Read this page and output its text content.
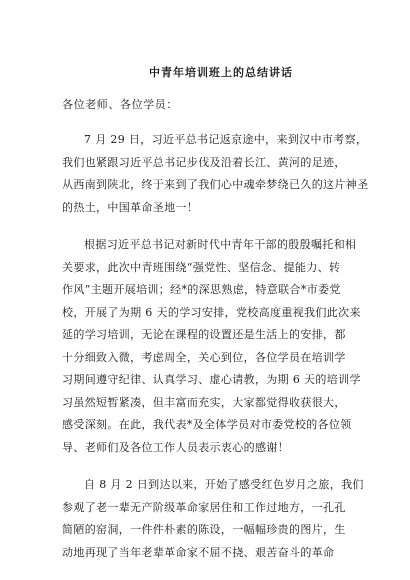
中青年培训班上的总结讲话
各位老师、各位学员：
7 月 29 日，习近平总书记返京途中，来到汉中市考察，
我们也紧跟习近平总书记步伐及沿着长江、黄河的足迹，
从西南到陕北，终于来到了我们心中魂牵梦绕已久的这片神圣
的热土，中国革命圣地一！
根据习近平总书记对新时代中青年干部的殷殷嘱托和相
关要求，此次中青班围绕“强党性、坚信念、提能力、转
作风”主题开展培训；经*的深思熟虑，特意联合*市委党
校，开展了为期 6 天的学习安排，党校高度重视我们此次来
延的学习培训，无论在课程的设置还是生活上的安排，都
十分细致入微，考虑周全，关心到位，各位学员在培训学
习期间遵守纪律、认真学习、虚心请教，为期 6 天的培训学
习虽然短暂紧凑，但丰富而充实，大家都觉得收获很大，
感受深刻。在此，我代表*及全体学员对市委党校的各位领
导、老师们及各位工作人员表示衷心的感谢！
自 8 月 2 日到达以来，开始了感受红色岁月之旅，我们
参观了老一辈无产阶级革命家居住和工作过地方，一孔孔
简陋的窑洞，一件件朴素的陈设，一幅幅珍贵的图片，生
动地再现了当年老辈革命家不屈不挠、艰苦奋斗的革命
